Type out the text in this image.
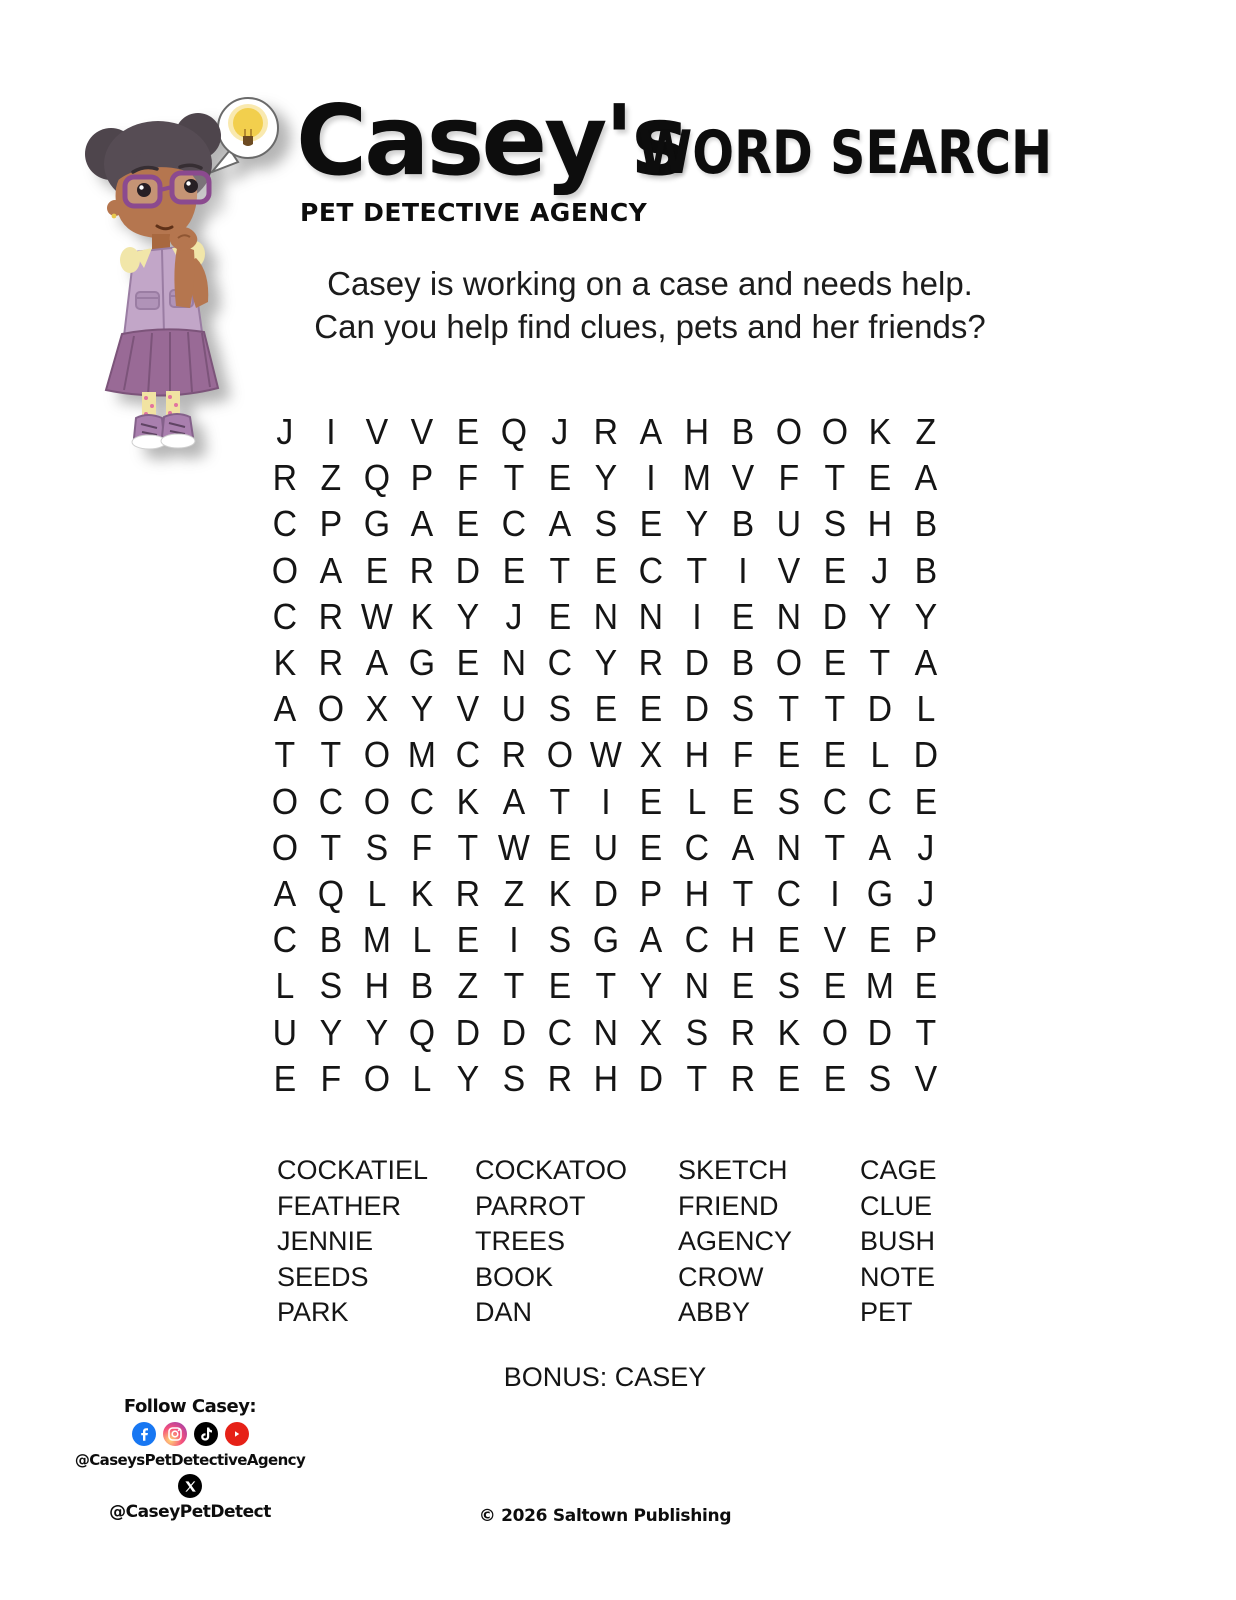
Casey's
PET DETECTIVE AGENCY
WORD SEARCH
Casey is working on a case and needs help.
Can you help find clues, pets and her friends?
J I V V E Q J R A H B O O K Z
R Z Q P F T E Y I M V F T E A
C P G A E C A S E Y B U S H B
O A E R D E T E C T I V E J B
C R W K Y J E N N I E N D Y Y
K R A G E N C Y R D B O E T A
A O X Y V U S E E D S T T D L
T T O M C R O W X H F E E L D
O C O C K A T I E L E S C C E
O T S F T W E U E C A N T A J
A Q L K R Z K D P H T C I G J
C B M L E I S G A C H E V E P
L S H B Z T E T Y N E S E M E
U Y Y Q D D C N X S R K O D T
E F O L Y S R H D T R E E S V
COCKATIEL
FEATHER
JENNIE
SEEDS
PARK
COCKATOO
PARROT
TREES
BOOK
DAN
SKETCH
FRIEND
AGENCY
CROW
ABBY
CAGE
CLUE
BUSH
NOTE
PET
BONUS: CASEY
Follow Casey:
@CaseysPetDetectiveAgency
@CaseyPetDetect	© 2026 Saltown Publishing
